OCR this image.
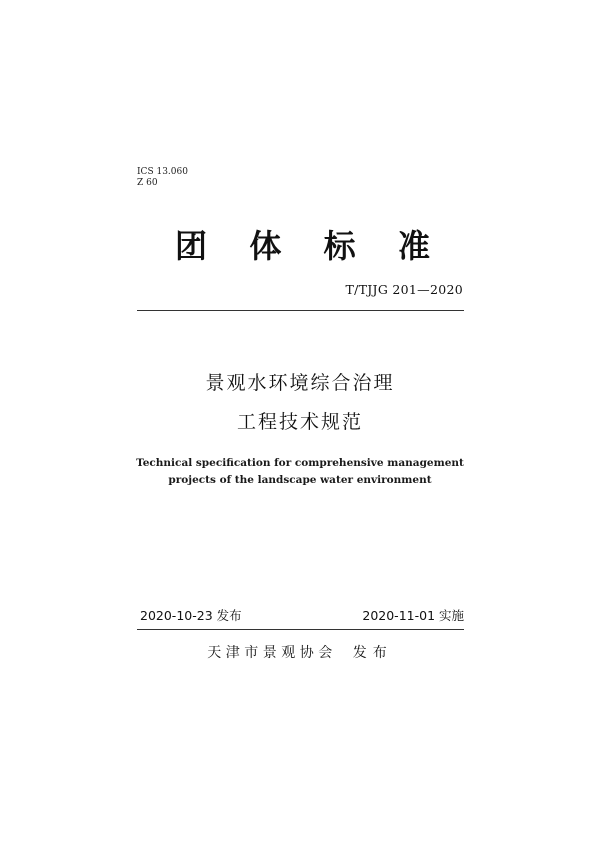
ICS 13.060
Z 60
团 体 标 准
T/TJJG 201—2020
景观水环境综合治理
工程技术规范
Technical specification for comprehensive management
projects of the landscape water environment
2020-10-23 发布	2020-11-01 实施
天津市景观协会 发布
